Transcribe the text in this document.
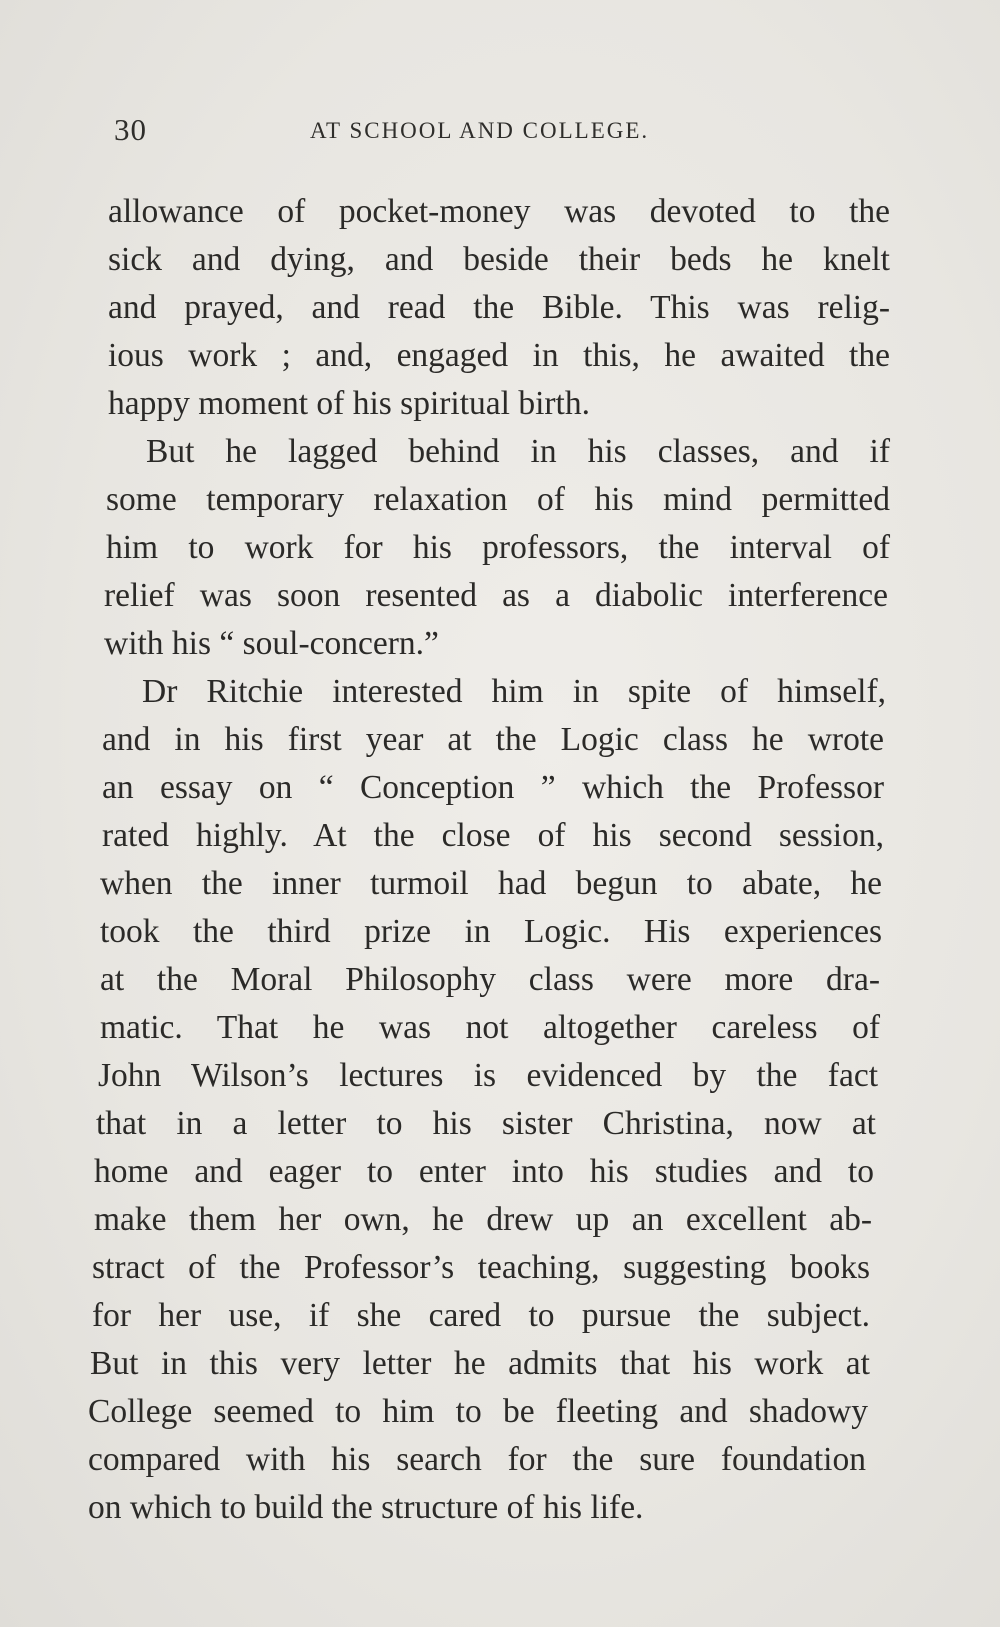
30	AT SCHOOL AND COLLEGE.
allowance of pocket-money was devoted to the
sick and dying, and beside their beds he knelt
and prayed, and read the Bible. This was relig-
ious work ; and, engaged in this, he awaited the
happy moment of his spiritual birth.
But he lagged behind in his classes, and if
some temporary relaxation of his mind permitted
him to work for his professors, the interval of
relief was soon resented as a diabolic interference
with his “ soul-concern.”
Dr Ritchie interested him in spite of himself,
and in his first year at the Logic class he wrote
an essay on “ Conception ” which the Professor
rated highly. At the close of his second session,
when the inner turmoil had begun to abate, he
took the third prize in Logic. His experiences
at the Moral Philosophy class were more dra-
matic. That he was not altogether careless of
John Wilson’s lectures is evidenced by the fact
that in a letter to his sister Christina, now at
home and eager to enter into his studies and to
make them her own, he drew up an excellent ab-
stract of the Professor’s teaching, suggesting books
for her use, if she cared to pursue the subject.
But in this very letter he admits that his work at
College seemed to him to be fleeting and shadowy
compared with his search for the sure foundation
on which to build the structure of his life.
